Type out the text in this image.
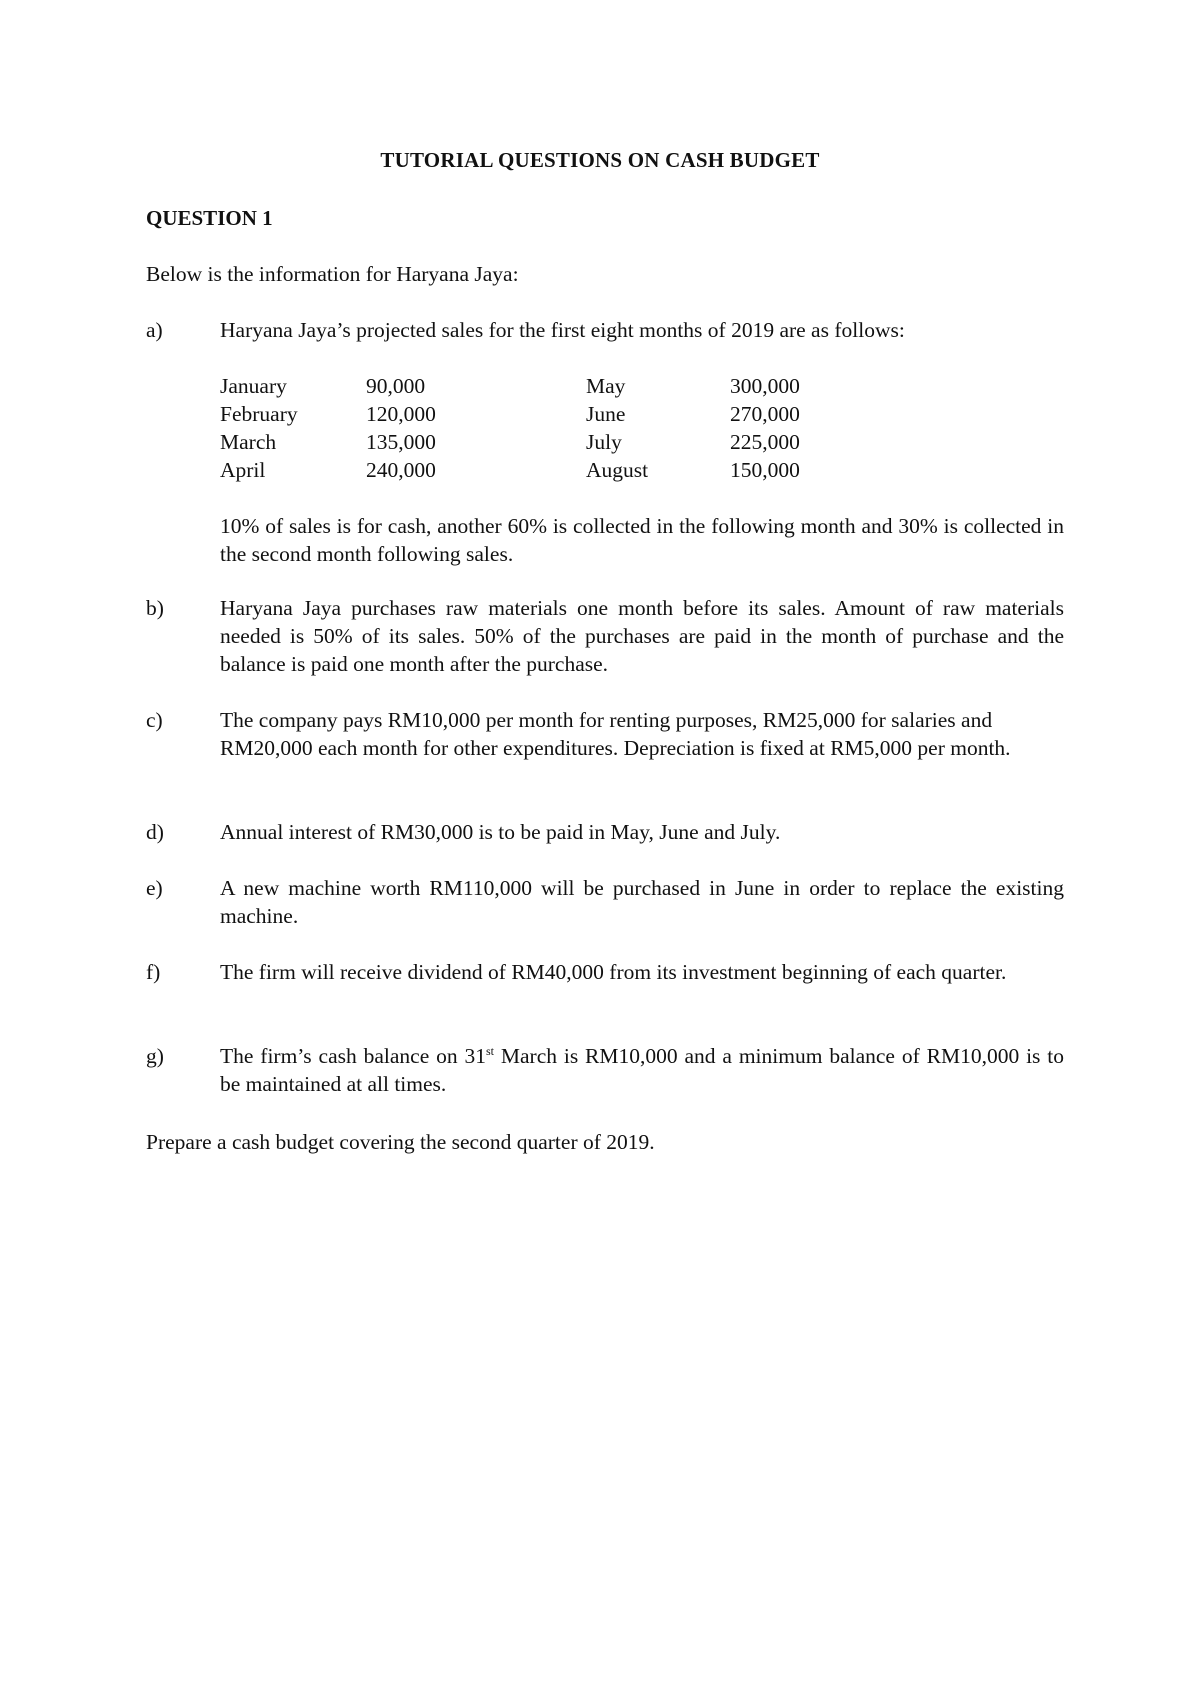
TUTORIAL QUESTIONS ON CASH BUDGET
QUESTION 1
Below is the information for Haryana Jaya:
a)	Haryana Jaya’s projected sales for the first eight months of 2019 are as follows:
January	90,000
February	120,000
March	135,000
April	240,000
May	300,000
June	270,000
July	225,000
August	150,000
10% of sales is for cash, another 60% is collected in the following month and 30% is collected in the second month following sales.
b)	Haryana Jaya purchases raw materials one month before its sales. Amount of raw materials needed is 50% of its sales. 50% of the purchases are paid in the month of purchase and the balance is paid one month after the purchase.
c)	The company pays RM10,000 per month for renting purposes, RM25,000 for salaries and RM20,000 each month for other expenditures. Depreciation is fixed at RM5,000 per month.
d)	Annual interest of RM30,000 is to be paid in May, June and July.
e)	A new machine worth RM110,000 will be purchased in June in order to replace the existing machine.
f)	The firm will receive dividend of RM40,000 from its investment beginning of each quarter.
g)	The firm’s cash balance on 31st March is RM10,000 and a minimum balance of RM10,000 is to be maintained at all times.
Prepare a cash budget covering the second quarter of 2019.
